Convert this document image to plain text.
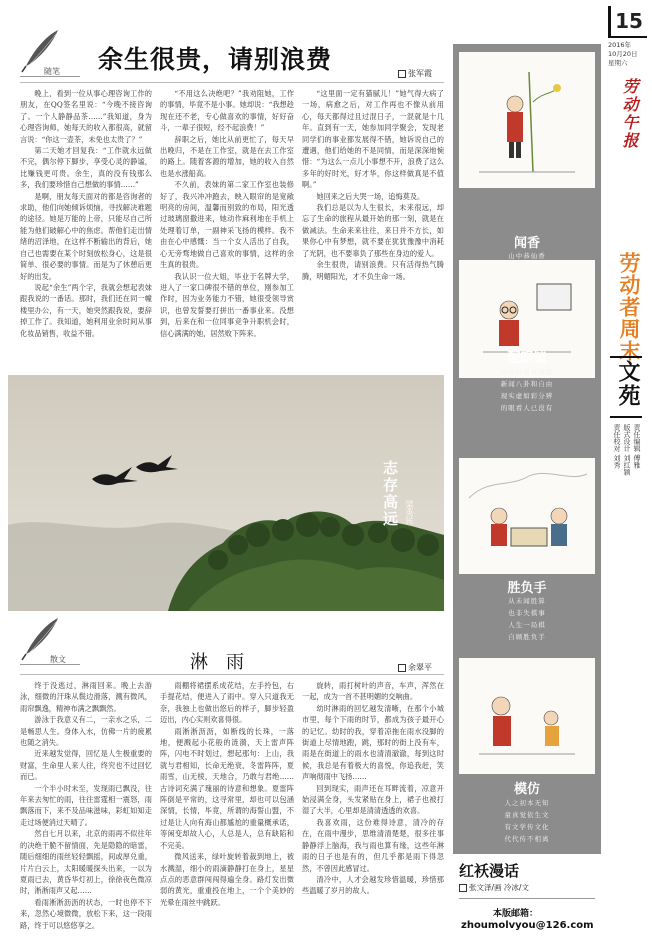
随笔 余生很贵，请别浪费	张军霞

晚上，看到一位从事心理咨询工作的朋友，在QQ签名里说：“今晚不接咨询了。一个人静静品茶……”我知道，身为心理咨询师，她每天的收入都很高，就留言说：“你这一壶茶，未免也太贵了？”

第二天她才回复我：“工作就永远做不完，偶尔停下脚步，享受心灵的静谧，比赚钱更可贵。余生，真的没有钱那么多，我们要珍惜自己想做的事情……”

是啊，朋友每天面对的都是咨询者的求助，他们向她倾诉烦恼，寻找解决难题的途径。她是万能的上帝，只能尽自己所能为他们破解心中的焦虑。帮他们走出情绪的沼泽地，在这样不断输出的背后，她自己也需要在某个时刻放松身心，这是很简单、很必要的事情。而是为了休憩后更好的出发。

说起“余生”两个字，我就会想起表妹跟我说的一番话。那时，我们还在同一幢楼里办公，有一天，她突然跟我说，要辞掉工作了。我知道，她利用业余时间从事化妆品销售，收益不错。

“不用这么决绝吧？”我劝阻她，工作的事情，毕竟不是小事。她却说：“我想趁现在还不老，专心做喜欢的事情，好好奋斗，一辈子很短，经不起浪费！”

辞职之后，她比从前更忙了，每天早出晚归，不是在工作室，就是在去工作室的路上。随着客源的增加，她的收入自然也是水涨船高。

不久前，表妹的第二家工作室也装修好了，我兴冲冲跑去，映入眼帘的是宽敞明亮的房间，温馨而别致的布局，阳光透过玻璃窗撒进来，她动作麻利地在手机上处理着订单，一副神采飞扬的模样。我不由在心中感慨：当一个女人活出了自我，心无旁骛地做自己喜欢的事情，这样的余生真的很贵。

我认识一位大姐，毕业于名牌大学，进入了一家口碑很不错的单位，刚参加工作时，因为业务能力不错，她很受领导赏识，也曾发誓要打拼出一番事业来。没想到，后来在和一位同事竞争升职机会时，信心满满的她，居然败下阵来。

“这里面一定有猫腻儿！”她气得大病了一场，病愈之后，对工作再也不像从前用心，每天都得过且过混日子，一混就是十几年。直到有一天，她参加同学聚会，发现老同学们的事业都发展得不错，她诉说自己的遭遇，他们给她的不是同情，而是深深地惋惜：“为这么一点儿小事想不开，浪费了这么多年的好时光，好才华，你这样做真是不值啊。”

她回来之后大哭一场，追悔莫及。

我们总是以为人生很长，未来很远，却忘了生命的旅程从最开始的那一刻，就是在做减法。生命来来往往，来日并不方长，如果你心中有梦想，就不要在犹犹豫豫中消耗了光阴，也不要辜负了那些在身边的爱人。

余生很贵，请别浪费。只有活得热气腾腾，明媚阳光，才不负生命一场。

志存高远 梁英民
散文	淋　雨	余翠平

终于没逃过，淋雨回来。晚上去游泳，细微的汗珠从鬓边滑落，溅有微风，雨帘飘逸，精神布满之飘飘然。

游泳于我意义有二，一亲水之乐，二是畅思人生。身体入水，仿佛一片的疲累也随之消失。

近来越发觉得，回忆是人生极重要的财富，生命里人来人往，终究也不过回忆而已。

一个半小时未至，发现雨已飘没，往年来去匆忙的雨，往往雷霆相一震怒，雨飘落而下，来不及品味滋味，彩虹如知走走过场便消过天晴了。

然自七月以来，北京的雨再不似往年的决绝干脆不留情面，先是隐隐的暗雷，随后细细的雨丝轻轻飘摇，间或厚兑重，片片白云上，太阳暖暖探头出来，一以为夏雨已去，黄昏华灯初上，徐徐夜色微凉时，淅淅雨声又起……

看雨淅淅沥沥的状态，一时也停不下来，忽然心境微微，放松下来，这一段雨路，终于可以悠悠享之。

雨棚将裙摆系成花结，左手拎包，右手提花结，便进入了雨中。穿入只道我无奈，我独上也做出悠后的样子，脚步轻盈迈出，内心实则欢喜得很。

雨淅淅沥沥，如断线的长珠，一落地，便溅起小花般的涟漪，天上雷声阵阵，闪电不时划过，想起那句：上山，我就与君相知，长命无绝衰，冬雷阵阵，夏雨雪，山无棱，天地合，乃敢与君绝……古诗词充满了瑰丽的诗意和想象。夏雷阵阵倒是平常的，这寻常里，却也可以包涵深情，长情，毕竟，所谓的海誓山盟，不过是让人向有海山都尴尬的重量概承诺，等闲变却故人心，人总是人，总有缺陷和不完美。

微风送来，绿叶旋转着裁到地上，被水溅湿，细小的雨滴静静打在身上，星星点点的恶意群闯闯得遍全身。路灯发出微弱的黄光，重重投在地上，一个个美妙的光晕在雨丝中跳跃。

旋转，雨打树叶的声音，车声，浑然在一起，成为一首不甚明媚的交响曲。

幼时淋雨的回忆越发清晰，在那个小城市里，每个下雨的时节，都成为孩子最开心的记忆。幼时的我，穿着凉拖在雨水没脚的街道上尽情地跑，跳，那时的街上没有车，雨是在街道上的雨水也清清澈澈，每到这时候，我总是有着极大的喜悦，你追我赶，笑声响彻雨中飞扬……

回到现实，雨声还在耳畔流着，凉意开始浸满全身，头发紧贴在身上，裙子也被打湿了大半，心里却是清清透透的欢喜。

我喜欢雨，这份难得诗意，清冷的存在，在雨中漫步，思维清清楚楚，很多往事静静浮上脑海，我与雨也算有缘，这些年淋雨的日子也是有的，但几乎都是雨下得忽然，不曾因此感冒过。

清冷中，人才会越发珍惜温暖，珍惜那些温暖了岁月的故人。

闻香
山中恭仙香
配眼镜
终日盯看屏幕眼
新闻八卦和自由
现实虚如彩分辨
的眼看人已没有
胜负手
从未闻胜算
也非失棋事
人生一局棋
自顾胜负手
模仿
人之初本无知
童真觉依生文
有文学传文化
代代传不相离
红袄漫话
张文泽/画 冷冰/文
本版邮箱：
zhoumolvyou@126.com
15
2016年
10月20日
星期六
劳动午报
劳动者周末
文苑
责任编辑 傅雅
版式设计 刘红颖
责任校对 刘秀
